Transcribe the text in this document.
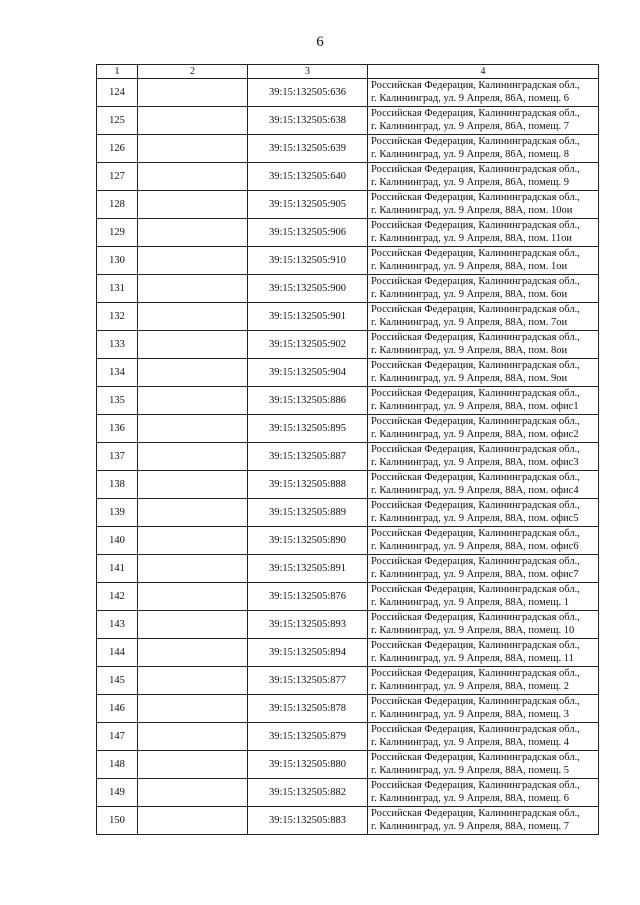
6
1	2	3	4
124		39:15:132505:636	Российская Федерация, Калининградская обл.,
г. Калининград, ул. 9 Апреля, 86А, помещ. 6

125		39:15:132505:638	Российская Федерация, Калининградская обл.,
г. Калининград, ул. 9 Апреля, 86А, помещ. 7

126		39:15:132505:639	Российская Федерация, Калининградская обл.,
г. Калининград, ул. 9 Апреля, 86А, помещ. 8

127		39:15:132505:640	Российская Федерация, Калининградская обл.,
г. Калининград, ул. 9 Апреля, 86А, помещ. 9

128		39:15:132505:905	Российская Федерация, Калининградская обл.,
г. Калининград, ул. 9 Апреля, 88А, пом. 10ои

129		39:15:132505:906	Российская Федерация, Калининградская обл.,
г. Калининград, ул. 9 Апреля, 88А, пом. 11ои

130		39:15:132505:910	Российская Федерация, Калининградская обл.,
г. Калининград, ул. 9 Апреля, 88А, пом. 1ои

131		39:15:132505:900	Российская Федерация, Калининградская обл.,
г. Калининград, ул. 9 Апреля, 88А, пом. 6ои

132		39:15:132505:901	Российская Федерация, Калининградская обл.,
г. Калининград, ул. 9 Апреля, 88А, пом. 7ои

133		39:15:132505:902	Российская Федерация, Калининградская обл.,
г. Калининград, ул. 9 Апреля, 88А, пом. 8ои

134		39:15:132505:904	Российская Федерация, Калининградская обл.,
г. Калининград, ул. 9 Апреля, 88А, пом. 9ои

135		39:15:132505:886	Российская Федерация, Калининградская обл.,
г. Калининград, ул. 9 Апреля, 88А, пом. офис1

136		39:15:132505:895	Российская Федерация, Калининградская обл.,
г. Калининград, ул. 9 Апреля, 88А, пом. офис2

137		39:15:132505:887	Российская Федерация, Калининградская обл.,
г. Калининград, ул. 9 Апреля, 88А, пом. офис3

138		39:15:132505:888	Российская Федерация, Калининградская обл.,
г. Калининград, ул. 9 Апреля, 88А, пом. офис4

139		39:15:132505:889	Российская Федерация, Калининградская обл.,
г. Калининград, ул. 9 Апреля, 88А, пом. офис5

140		39:15:132505:890	Российская Федерация, Калининградская обл.,
г. Калининград, ул. 9 Апреля, 88А, пом. офис6

141		39:15:132505:891	Российская Федерация, Калининградская обл.,
г. Калининград, ул. 9 Апреля, 88А, пом. офис7

142		39:15:132505:876	Российская Федерация, Калининградская обл.,
г. Калининград, ул. 9 Апреля, 88А, помещ. 1

143		39:15:132505:893	Российская Федерация, Калининградская обл.,
г. Калининград, ул. 9 Апреля, 88А, помещ. 10

144		39:15:132505:894	Российская Федерация, Калининградская обл.,
г. Калининград, ул. 9 Апреля, 88А, помещ. 11

145		39:15:132505:877	Российская Федерация, Калининградская обл.,
г. Калининград, ул. 9 Апреля, 88А, помещ. 2

146		39:15:132505:878	Российская Федерация, Калининградская обл.,
г. Калининград, ул. 9 Апреля, 88А, помещ. 3

147		39:15:132505:879	Российская Федерация, Калининградская обл.,
г. Калининград, ул. 9 Апреля, 88А, помещ. 4

148		39:15:132505:880	Российская Федерация, Калининградская обл.,
г. Калининград, ул. 9 Апреля, 88А, помещ. 5

149		39:15:132505:882	Российская Федерация, Калининградская обл.,
г. Калининград, ул. 9 Апреля, 88А, помещ. 6

150		39:15:132505:883	Российская Федерация, Калининградская обл.,
г. Калининград, ул. 9 Апреля, 88А, помещ. 7
